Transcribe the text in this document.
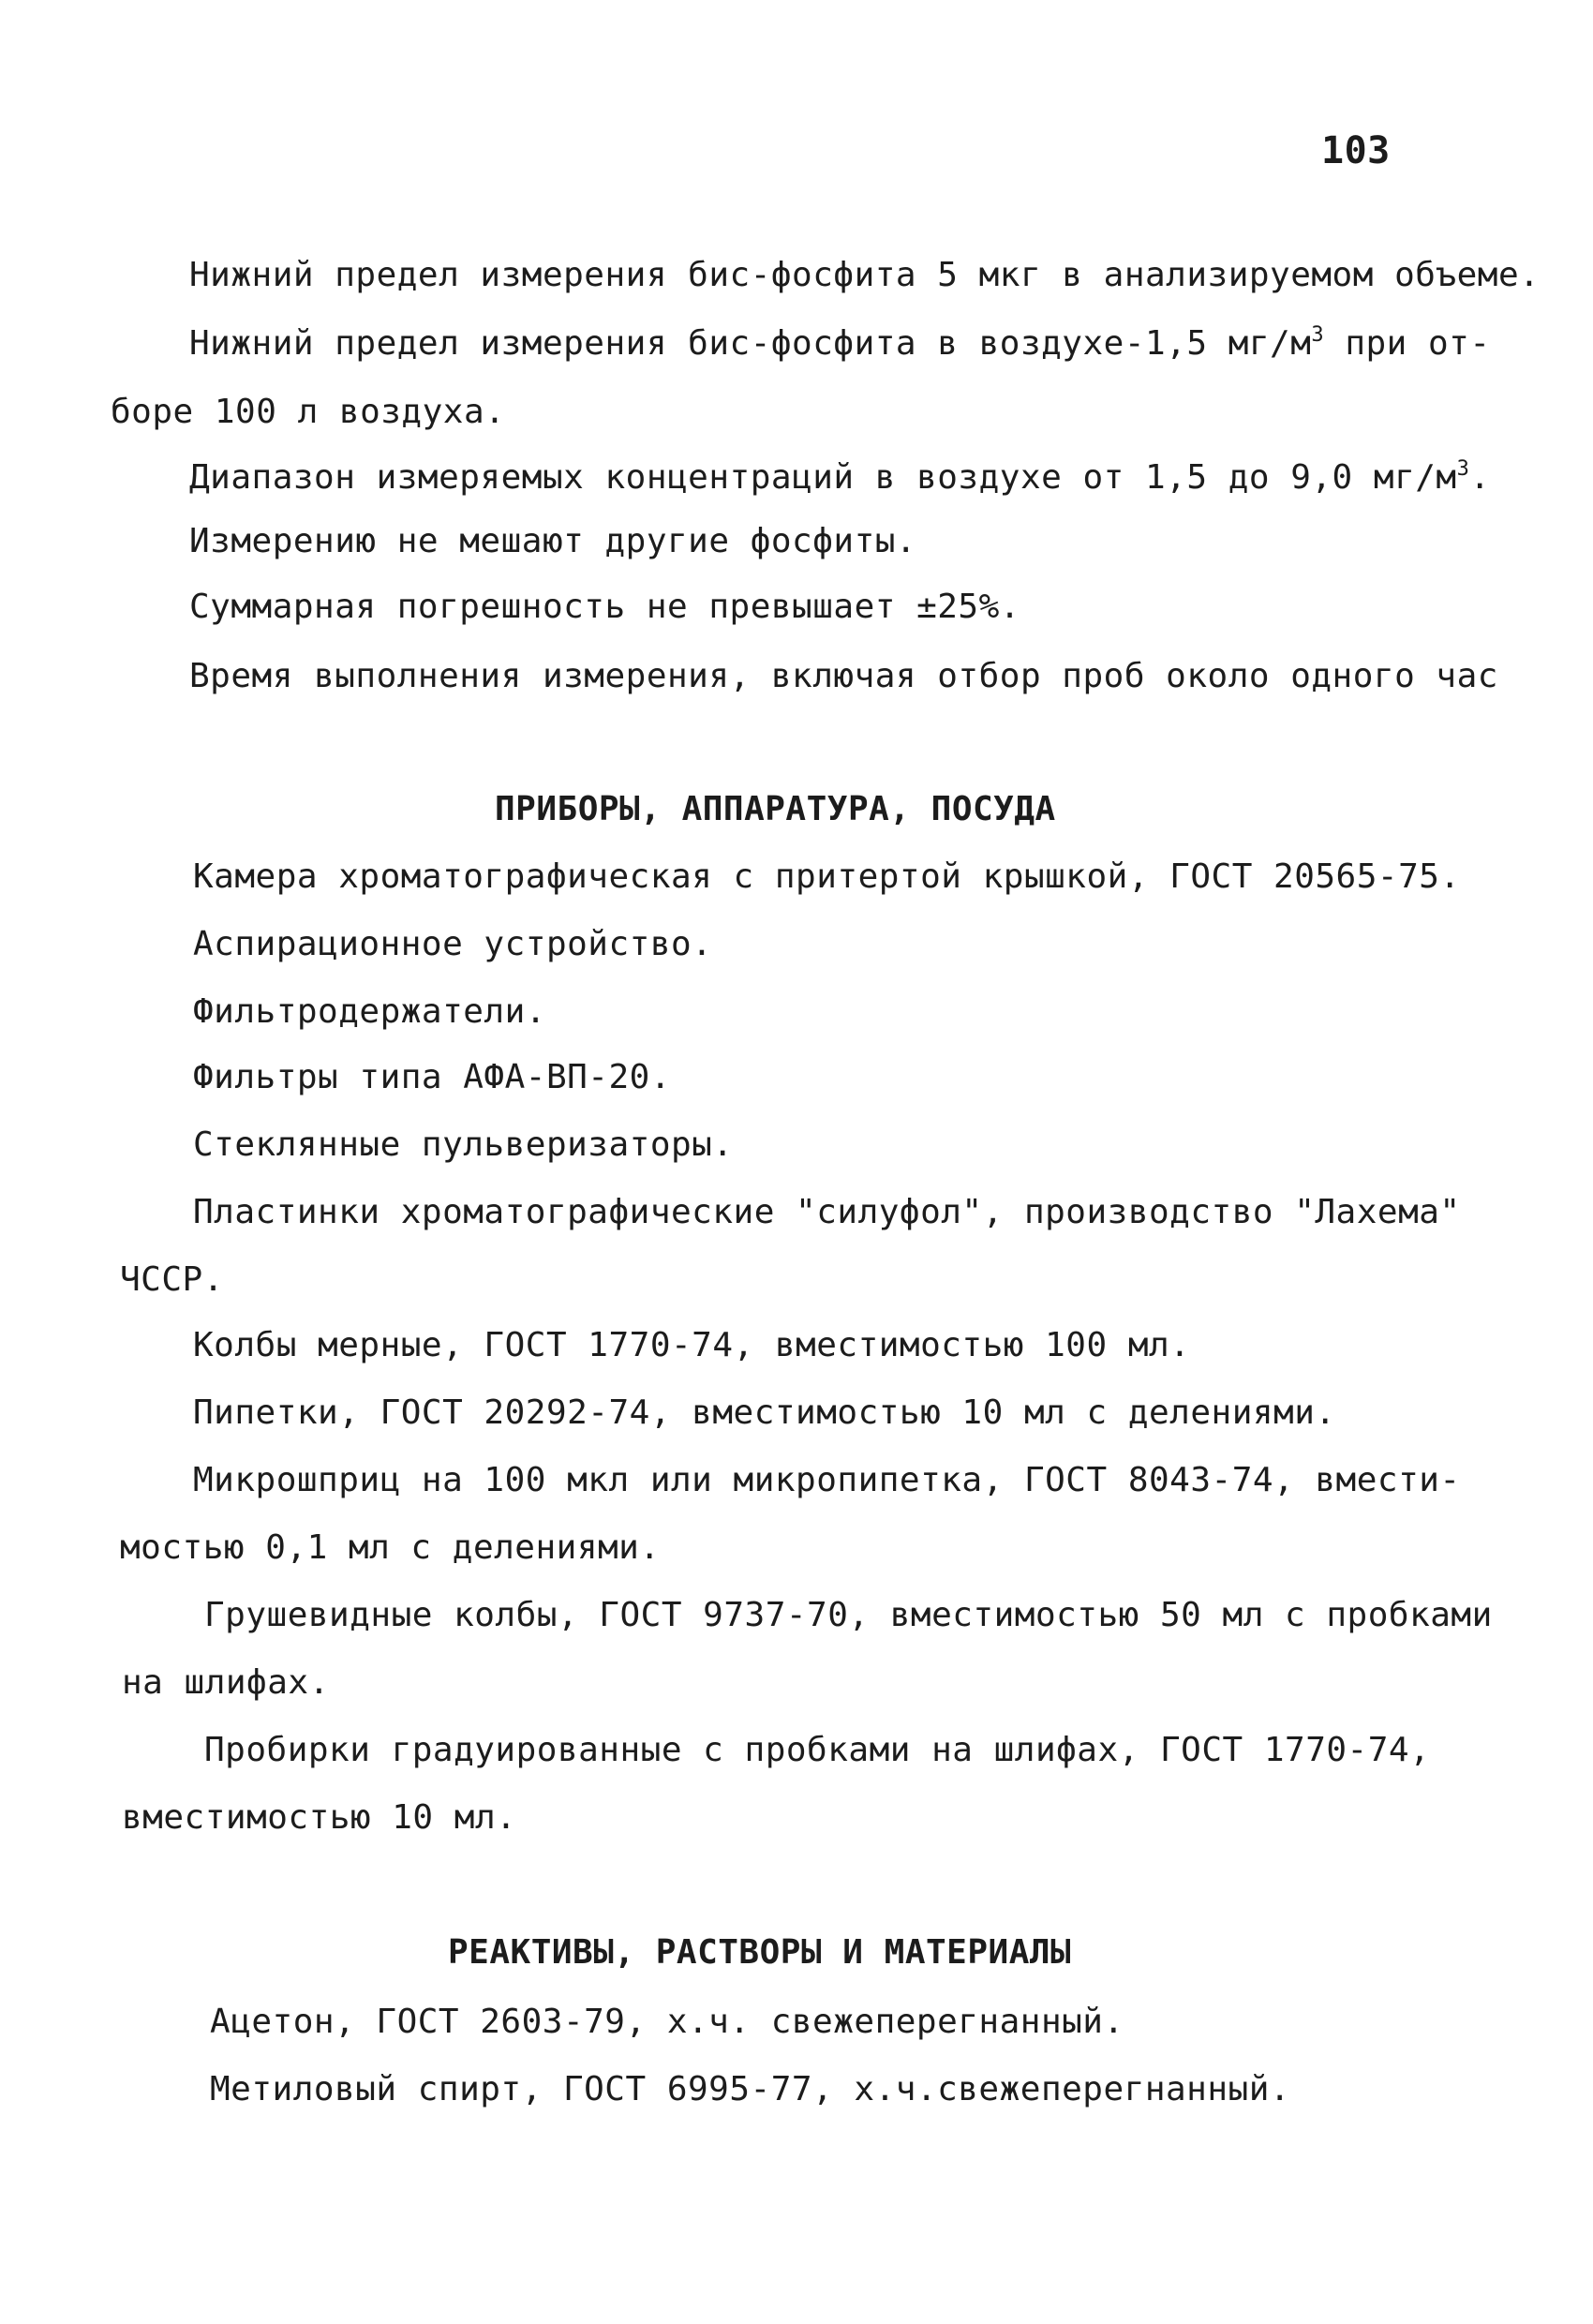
103
Нижний предел измерения бис-фосфита 5 мкг в анализируемом объеме.
Нижний предел измерения бис-фосфита в воздухе-1,5 $мг/м^3$ при от-
боре 100 л воздуха.
Диапазон измеряемых концентраций в воздухе от 1,5 до 9,0 $мг/м^3$.
Измерению не мешают другие фосфиты.
Суммарная погрешность не превышает ±25%.
Время выполнения измерения, включая отбор проб около одного час
ПРИБОРЫ, АППАРАТУРА, ПОСУДА
Камера хроматографическая с притертой крышкой, ГОСТ 20565-75.
Аспирационное устройство.
Фильтродержатели.
Фильтры типа АФА-ВП-20.
Стеклянные пульверизаторы.
Пластинки хроматографические "силуфол", производство "Лахема"
ЧССР.
Колбы мерные, ГОСТ 1770-74, вместимостью 100 мл.
Пипетки, ГОСТ 20292-74, вместимостью 10 мл с делениями.
Микрошприц на 100 мкл или микропипетка, ГОСТ 8043-74, вмести-
мостью 0,1 мл с делениями.
Грушевидные колбы, ГОСТ 9737-70, вместимостью 50 мл с пробками
на шлифах.
Пробирки градуированные с пробками на шлифах, ГОСТ 1770-74,
вместимостью 10 мл.
РЕАКТИВЫ, РАСТВОРЫ И МАТЕРИАЛЫ
Ацетон, ГОСТ 2603-79, х.ч. свежеперегнанный.
Метиловый спирт, ГОСТ 6995-77, х.ч.свежеперегнанный.
